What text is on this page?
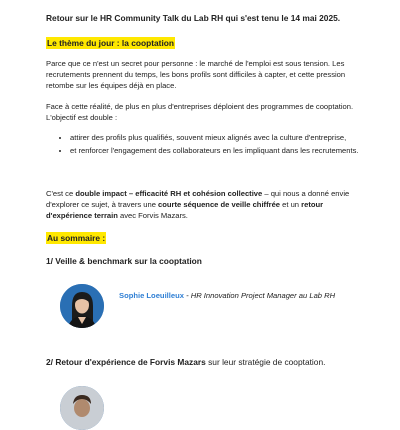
Retour sur le HR Community Talk du Lab RH qui s'est tenu le 14 mai 2025.
Le thème du jour : la cooptation
Parce que ce n'est un secret pour personne : le marché de l'emploi est sous tension. Les recrutements prennent du temps, les bons profils sont difficiles à capter, et cette pression retombe sur les équipes déjà en place.
Face à cette réalité, de plus en plus d'entreprises déploient des programmes de cooptation. L'objectif est double :
• attirer des profils plus qualifiés, souvent mieux alignés avec la culture d'entreprise,
• et renforcer l'engagement des collaborateurs en les impliquant dans les recrutements.
C'est ce double impact – efficacité RH et cohésion collective – qui nous a donné envie d'explorer ce sujet, à travers une courte séquence de veille chiffrée et un retour d'expérience terrain avec Forvis Mazars.
Au sommaire :
1/ Veille & benchmark sur la cooptation
Sophie Loeuilleux - HR Innovation Project Manager au Lab RH
2/ Retour d'expérience de Forvis Mazars sur leur stratégie de cooptation.
